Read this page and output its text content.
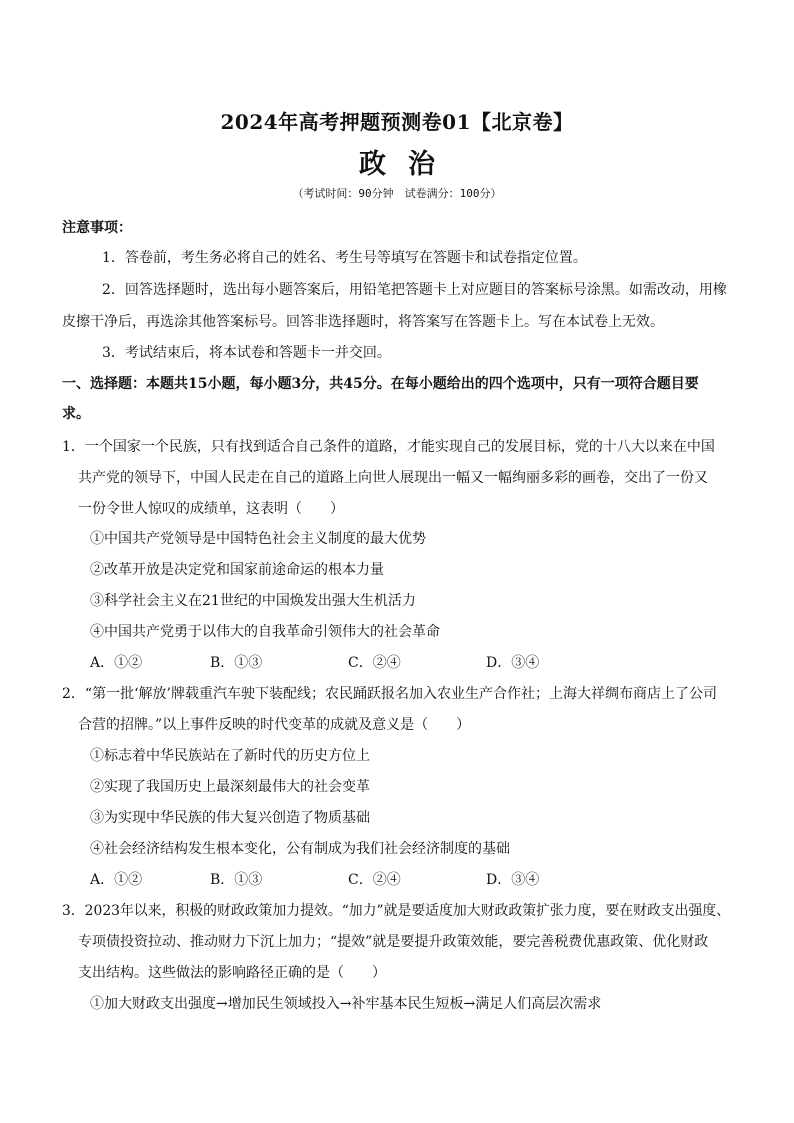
2024年高考押题预测卷01【北京卷】
政治
（考试时间：90分钟　试卷满分：100分）
注意事项：
1．答卷前，考生务必将自己的姓名、考生号等填写在答题卡和试卷指定位置。
2．回答选择题时，选出每小题答案后，用铅笔把答题卡上对应题目的答案标号涂黑。如需改动，用橡
皮擦干净后，再选涂其他答案标号。回答非选择题时，将答案写在答题卡上。写在本试卷上无效。
3．考试结束后，将本试卷和答题卡一并交回。
一、选择题：本题共15小题，每小题3分，共45分。在每小题给出的四个选项中，只有一项符合题目要
求。
1．一个国家一个民族，只有找到适合自己条件的道路，才能实现自己的发展目标，党的十八大以来在中国
共产党的领导下，中国人民走在自己的道路上向世人展现出一幅又一幅绚丽多彩的画卷，交出了一份又
一份令世人惊叹的成绩单，这表明（　　）
①中国共产党领导是中国特色社会主义制度的最大优势
②改革开放是决定党和国家前途命运的根本力量
③科学社会主义在21世纪的中国焕发出强大生机活力
④中国共产党勇于以伟大的自我革命引领伟大的社会革命
A．①②	B．①③	C．②④	D．③④
2．“第一批‘解放’牌载重汽车驶下装配线；农民踊跃报名加入农业生产合作社；上海大祥绸布商店上了公司
合营的招牌。”以上事件反映的时代变革的成就及意义是（　　）
①标志着中华民族站在了新时代的历史方位上
②实现了我国历史上最深刻最伟大的社会变革
③为实现中华民族的伟大复兴创造了物质基础
④社会经济结构发生根本变化，公有制成为我们社会经济制度的基础
A．①②	B．①③	C．②④	D．③④
3．2023年以来，积极的财政政策加力提效。“加力”就是要适度加大财政政策扩张力度，要在财政支出强度、
专项债投资拉动、推动财力下沉上加力；“提效”就是要提升政策效能，要完善税费优惠政策、优化财政
支出结构。这些做法的影响路径正确的是（　　）
①加大财政支出强度→增加民生领域投入→补牢基本民生短板→满足人们高层次需求
